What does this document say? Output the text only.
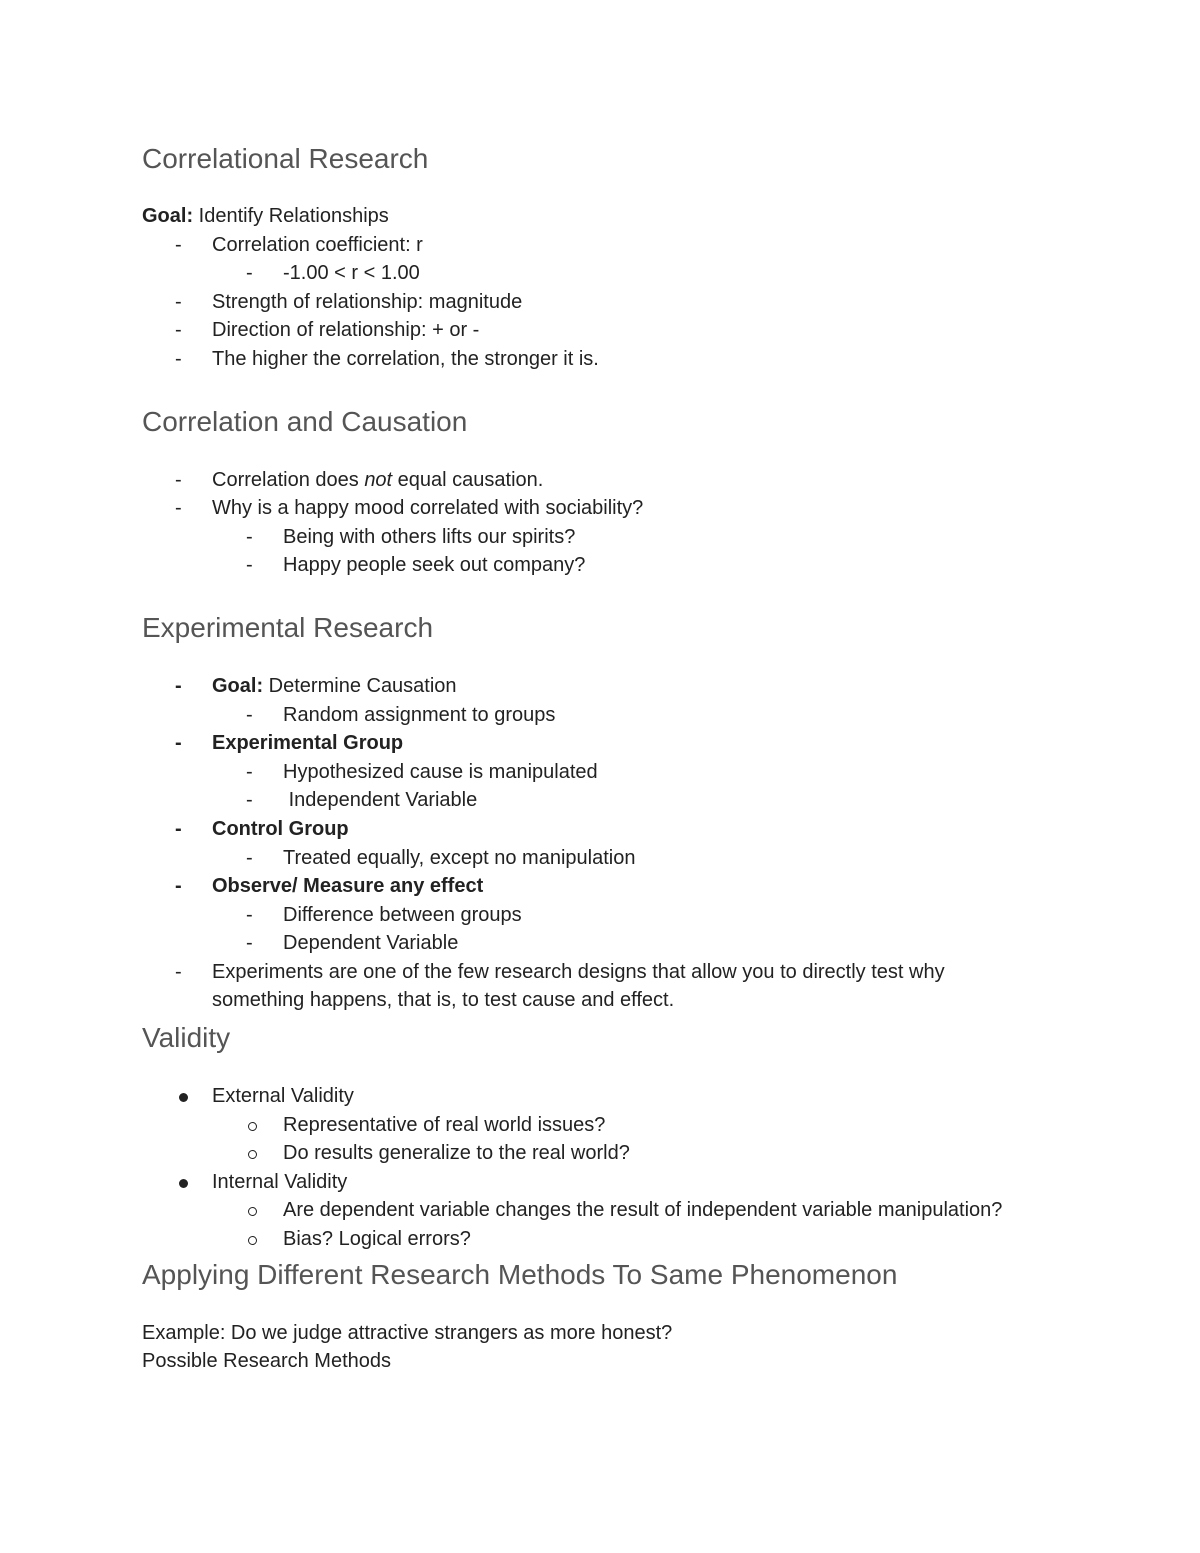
Correlational Research

Goal: Identify Relationships

-	Correlation coefficient: r
-	-1.00 < r < 1.00
-	Strength of relationship: magnitude
-	Direction of relationship: + or -
-	The higher the correlation, the stronger it is.
Correlation and Causation
-	Correlation does not equal causation.
-	Why is a happy mood correlated with sociability?
-	Being with others lifts our spirits?
-	Happy people seek out company?
Experimental Research
-	Goal: Determine Causation
-	Random assignment to groups
-	Experimental Group
-	Hypothesized cause is manipulated
-	Independent Variable
-	Control Group
-	Treated equally, except no manipulation
-	Observe/ Measure any effect
-	Difference between groups
-	Dependent Variable
-	Experiments are one of the few research designs that allow you to directly test why
something happens, that is, to test cause and effect.
Validity
External Validity
Representative of real world issues?
Do results generalize to the real world?
Internal Validity
Are dependent variable changes the result of independent variable manipulation?
Bias? Logical errors?
Applying Different Research Methods To Same Phenomenon

Example: Do we judge attractive strangers as more honest?

Possible Research Methods
